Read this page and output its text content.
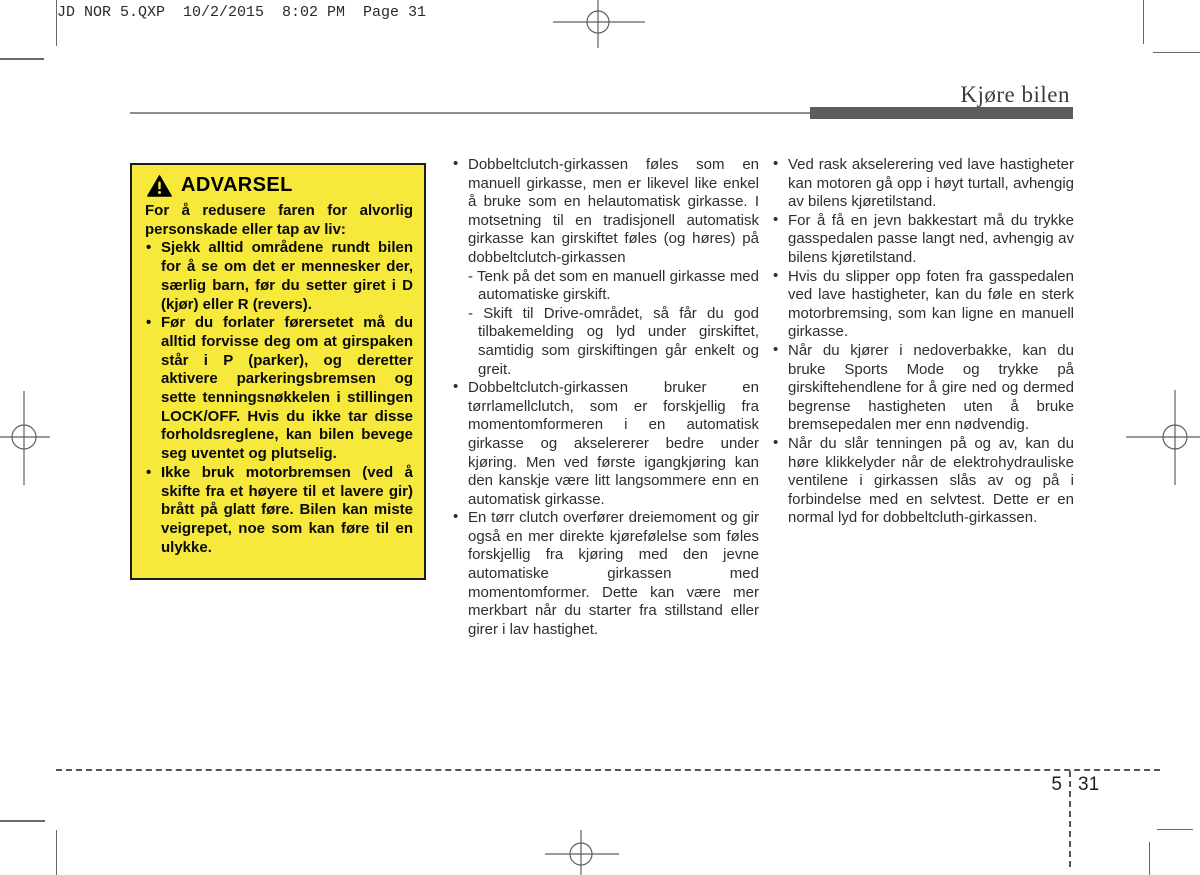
JD NOR 5.QXP  10/2/2015  8:02 PM  Page 31
Kjøre bilen
ADVARSEL

For å redusere faren for alvorlig personskade eller tap av liv:

• Sjekk alltid områdene rundt bilen for å se om det er mennesker der, særlig barn, før du setter giret i D (kjør) eller R (revers).
• Før du forlater førersetet må du alltid forvisse deg om at girspaken står i P (parker), og deretter aktivere parkeringsbremsen og sette tenningsnøkkelen i stillingen LOCK/OFF. Hvis du ikke tar disse forholdsreglene, kan bilen bevege seg uventet og plutselig.
• Ikke bruk motorbremsen (ved å skifte fra et høyere til et lavere gir) brått på glatt føre. Bilen kan miste veigrepet, noe som kan føre til en ulykke.
• Dobbeltclutch-girkassen føles som en manuell girkasse, men er likevel like enkel å bruke som en helautomatisk girkasse. I motsetning til en tradisjonell automatisk girkasse kan girskiftet føles (og høres) på dobbeltclutch-girkassen
- Tenk på det som en manuell girkasse med automatiske girskift.
- Skift til Drive-området, så får du god tilbakemelding og lyd under girskiftet, samtidig som girskiftingen går enkelt og greit.
• Dobbeltclutch-girkassen bruker en tørrlamellclutch, som er forskjellig fra momentomformeren i en automatisk girkasse og akselererer bedre under kjøring. Men ved første igangkjøring kan den kanskje være litt langsommere enn en automatisk girkasse.
• En tørr clutch overfører dreiemoment og gir også en mer direkte kjørefølelse som føles forskjellig fra kjøring med den jevne automatiske girkassen med momentomformer. Dette kan være mer merkbart når du starter fra stillstand eller girer i lav hastighet.
• Ved rask akselerering ved lave hastigheter kan motoren gå opp i høyt turtall, avhengig av bilens kjøretilstand.
• For å få en jevn bakkestart må du trykke gasspedalen passe langt ned, avhengig av bilens kjøretilstand.
• Hvis du slipper opp foten fra gasspedalen ved lave hastigheter, kan du føle en sterk motorbremsing, som kan ligne en manuell girkasse.
• Når du kjører i nedoverbakke, kan du bruke Sports Mode og trykke på girskiftehendlene for å gire ned og dermed begrense hastigheten uten å bruke bremsepedalen mer enn nødvendig.
• Når du slår tenningen på og av, kan du høre klikkelyder når de elektrohydrauliske ventilene i girkassen slås av og på i forbindelse med en selvtest. Dette er en normal lyd for dobbeltcluth-girkassen.
5 31
